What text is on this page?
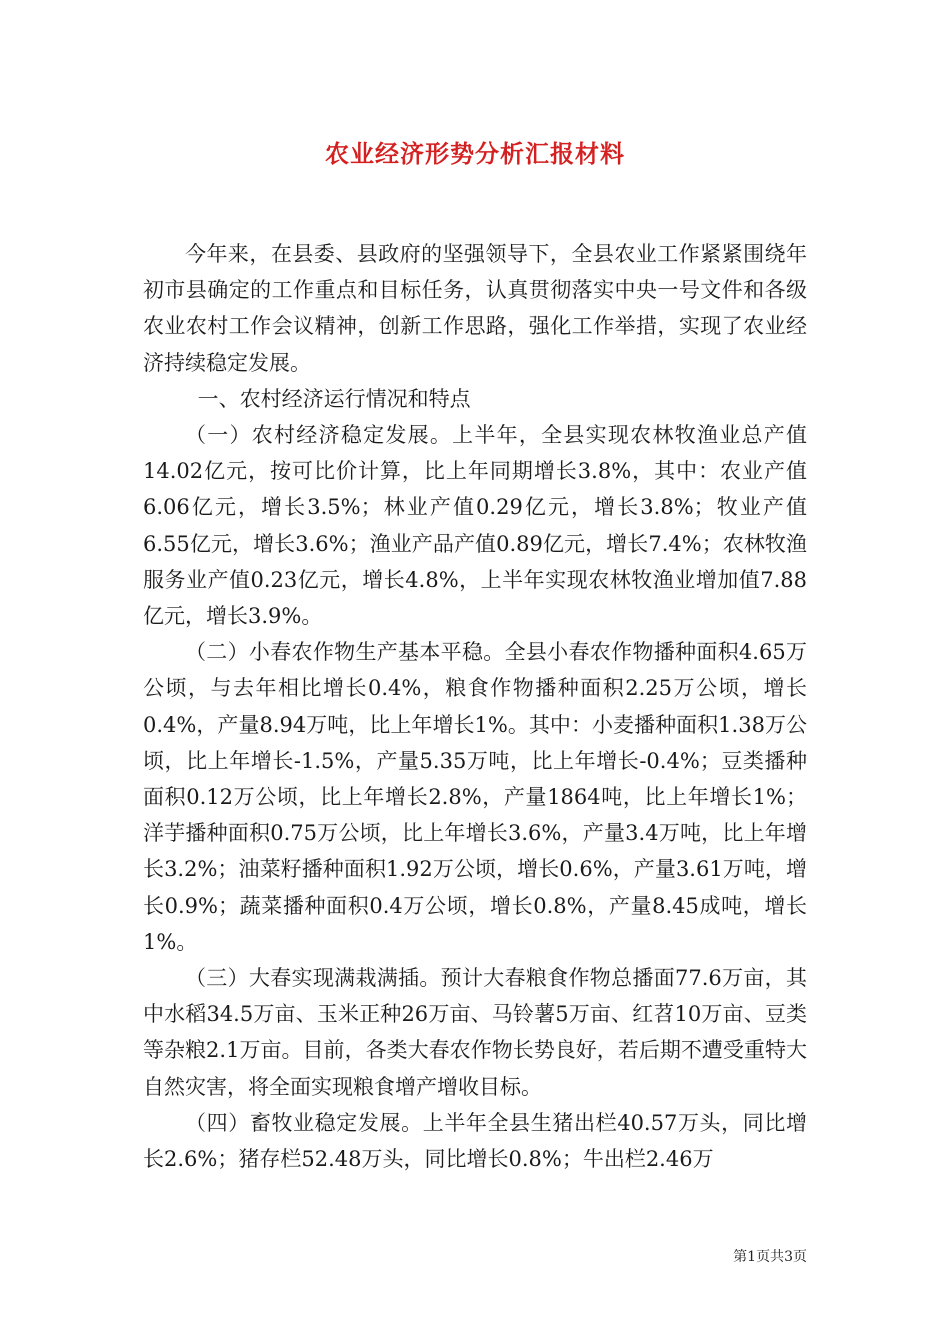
农业经济形势分析汇报材料

今年来，在县委、县政府的坚强领导下，全县农业工作紧紧围绕年初市县确定的工作重点和目标任务，认真贯彻落实中央一号文件和各级农业农村工作会议精神，创新工作思路，强化工作举措，实现了农业经济持续稳定发展。

一、农村经济运行情况和特点

（一）农村经济稳定发展。上半年，全县实现农林牧渔业总产值14.02亿元，按可比价计算，比上年同期增长3.8%，其中：农业产值6.06亿元，增长3.5%；林业产值0.29亿元，增长3.8%；牧业产值6.55亿元，增长3.6%；渔业产品产值0.89亿元，增长7.4%；农林牧渔服务业产值0.23亿元，增长4.8%，上半年实现农林牧渔业增加值7.88亿元，增长3.9%。

（二）小春农作物生产基本平稳。全县小春农作物播种面积4.65万公顷，与去年相比增长0.4%，粮食作物播种面积2.25万公顷，增长0.4%，产量8.94万吨，比上年增长1%。其中：小麦播种面积1.38万公顷，比上年增长-1.5%，产量5.35万吨，比上年增长-0.4%；豆类播种面积0.12万公顷，比上年增长2.8%，产量1864吨，比上年增长1%；洋芋播种面积0.75万公顷，比上年增长3.6%，产量3.4万吨，比上年增长3.2%；油菜籽播种面积1.92万公顷，增长0.6%，产量3.61万吨，增长0.9%；蔬菜播种面积0.4万公顷，增长0.8%，产量8.45成吨，增长1%。

（三）大春实现满栽满插。预计大春粮食作物总播面77.6万亩，其中水稻34.5万亩、玉米正种26万亩、马铃薯5万亩、红苕10万亩、豆类等杂粮2.1万亩。目前，各类大春农作物长势良好，若后期不遭受重特大自然灾害，将全面实现粮食增产增收目标。

（四）畜牧业稳定发展。上半年全县生猪出栏40.57万头，同比增长2.6%；猪存栏52.48万头，同比增长0.8%；牛出栏2.46万

第1页共3页
